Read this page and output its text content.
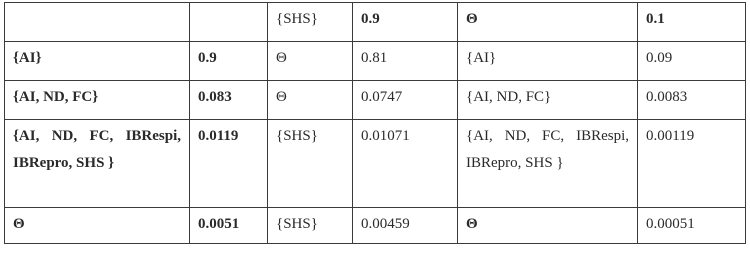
		{SHS}	0.9	Θ	0.1
{AI}	0.9	Θ	0.81	{AI}	0.09
{AI, ND, FC}	0.083	Θ	0.0747	{AI, ND, FC}	0.0083
{AI, ND, FC, IBRespi, IBRepro, SHS }	0.0119	{SHS}	0.01071	{AI, ND, FC, IBRespi, IBRepro, SHS }	0.00119
Θ	0.0051	{SHS}	0.00459	Θ	0.00051
